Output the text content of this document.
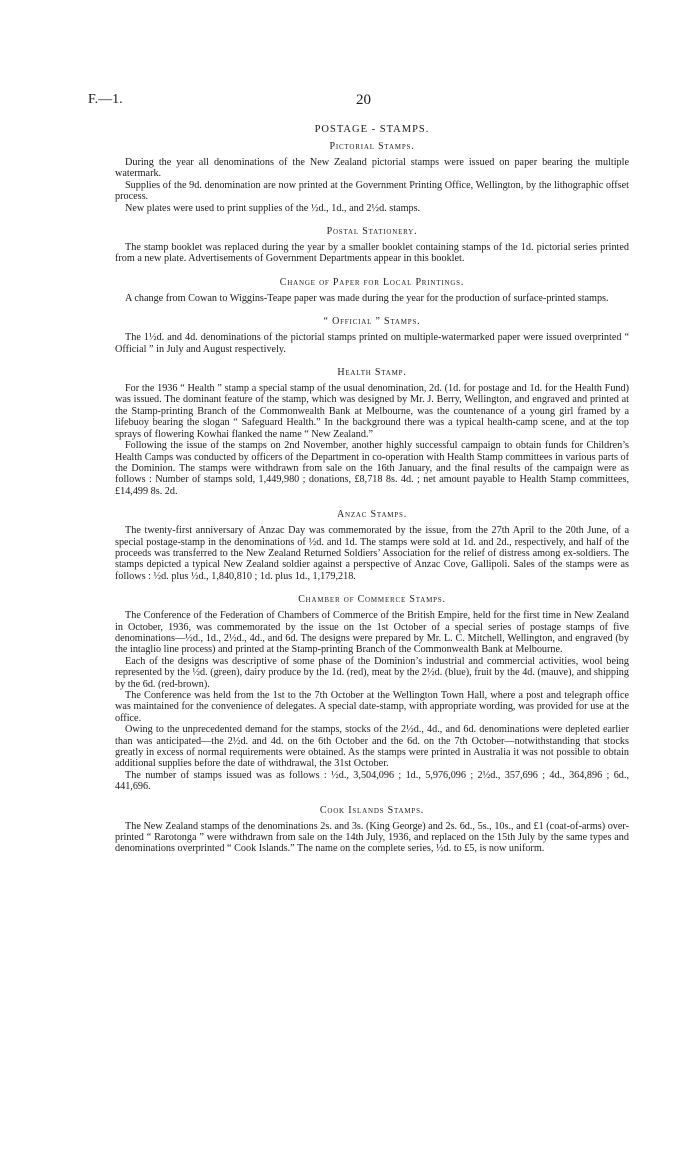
F.—1.	20
POSTAGE - STAMPS.
Pictorial Stamps.

During the year all denominations of the New Zealand pictorial stamps were issued on paper bearing the multiple watermark.

Supplies of the 9d. denomination are now printed at the Government Printing Office, Wellington, by the lithographic offset process.

New plates were used to print supplies of the ½d., 1d., and 2½d. stamps.

Postal Stationery.

The stamp booklet was replaced during the year by a smaller booklet containing stamps of the 1d. pictorial series printed from a new plate. Advertisements of Government Departments appear in this booklet.

Change of Paper for Local Printings.

A change from Cowan to Wiggins-Teape paper was made during the year for the production of surface-printed stamps.

“ Official ” Stamps.

The 1½d. and 4d. denominations of the pictorial stamps printed on multiple-watermarked paper were issued overprinted “ Official ” in July and August respectively.

Health Stamp.

For the 1936 “ Health ” stamp a special stamp of the usual denomination, 2d. (1d. for postage and 1d. for the Health Fund) was issued. The dominant feature of the stamp, which was designed by Mr. J. Berry, Wellington, and engraved and printed at the Stamp-printing Branch of the Commonwealth Bank at Melbourne, was the countenance of a young girl framed by a lifebuoy bearing the slogan “ Safeguard Health.” In the background there was a typical health-camp scene, and at the top sprays of flowering Kowhai flanked the name “ New Zealand.”

Following the issue of the stamps on 2nd November, another highly successful campaign to obtain funds for Children’s Health Camps was conducted by officers of the Department in co-operation with Health Stamp committees in various parts of the Dominion. The stamps were withdrawn from sale on the 16th January, and the final results of the campaign were as follows : Number of stamps sold, 1,449,980 ; donations, £8,718 8s. 4d. ; net amount payable to Health Stamp committees, £14,499 8s. 2d.

Anzac Stamps.

The twenty-first anniversary of Anzac Day was commemorated by the issue, from the 27th April to the 20th June, of a special postage-stamp in the denominations of ½d. and 1d. The stamps were sold at 1d. and 2d., respectively, and half of the proceeds was transferred to the New Zealand Returned Soldiers’ Association for the relief of distress among ex-soldiers. The stamps depicted a typical New Zealand soldier against a perspective of Anzac Cove, Gallipoli. Sales of the stamps were as follows : ½d. plus ½d., 1,840,810 ; 1d. plus 1d., 1,179,218.

Chamber of Commerce Stamps.

The Conference of the Federation of Chambers of Commerce of the British Empire, held for the first time in New Zealand in October, 1936, was commemorated by the issue on the 1st October of a special series of postage stamps of five denominations—½d., 1d., 2½d., 4d., and 6d. The designs were prepared by Mr. L. C. Mitchell, Wellington, and engraved (by the intaglio line process) and printed at the Stamp-printing Branch of the Commonwealth Bank at Melbourne.

Each of the designs was descriptive of some phase of the Dominion’s industrial and commercial activities, wool being represented by the ½d. (green), dairy produce by the 1d. (red), meat by the 2½d. (blue), fruit by the 4d. (mauve), and shipping by the 6d. (red-brown).

The Conference was held from the 1st to the 7th October at the Wellington Town Hall, where a post and telegraph office was maintained for the convenience of delegates. A special date-stamp, with appropriate wording, was provided for use at the office.

Owing to the unprecedented demand for the stamps, stocks of the 2½d., 4d., and 6d. denominations were depleted earlier than was anticipated—the 2½d. and 4d. on the 6th October and the 6d. on the 7th October—notwithstanding that stocks greatly in excess of normal requirements were obtained. As the stamps were printed in Australia it was not possible to obtain additional supplies before the date of withdrawal, the 31st October.

The number of stamps issued was as follows : ½d., 3,504,096 ; 1d., 5,976,096 ; 2½d., 357,696 ; 4d., 364,896 ; 6d., 441,696.

Cook Islands Stamps.

The New Zealand stamps of the denominations 2s. and 3s. (King George) and 2s. 6d., 5s., 10s., and £1 (coat-of-arms) over-printed “ Rarotonga ” were withdrawn from sale on the 14th July, 1936, and replaced on the 15th July by the same types and denominations overprinted “ Cook Islands.” The name on the complete series, ½d. to £5, is now uniform.
